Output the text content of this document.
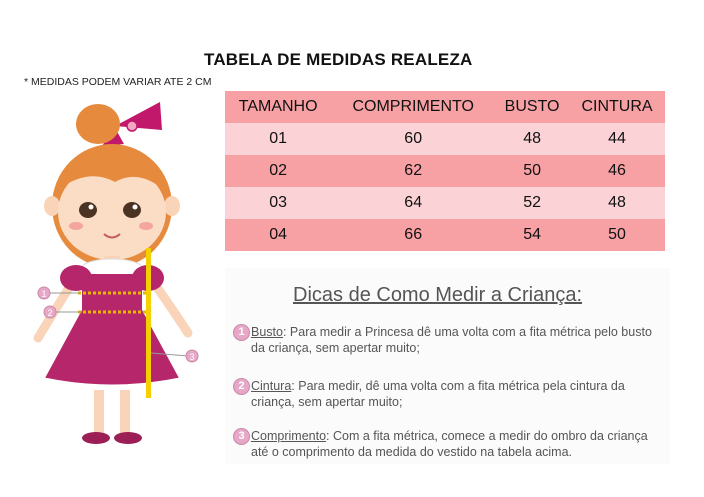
TABELA DE MEDIDAS REALEZA
* MEDIDAS PODEM VARIAR ATE 2 CM
1
2
3
TAMANHO	COMPRIMENTO	BUSTO	CINTURA
01	60	48	44
02	62	50	46
03	64	52	48
04	66	54	50
Dicas de Como Medir a Criança:
1 Busto: Para medir a Princesa dê uma volta com a fita métrica pelo busto da criança, sem apertar muito;
2 Cintura: Para medir, dê uma volta com a fita métrica pela cintura da criança, sem apertar muito;
3 Comprimento: Com a fita métrica, comece a medir do ombro da criança até o comprimento da medida do vestido na tabela acima.
